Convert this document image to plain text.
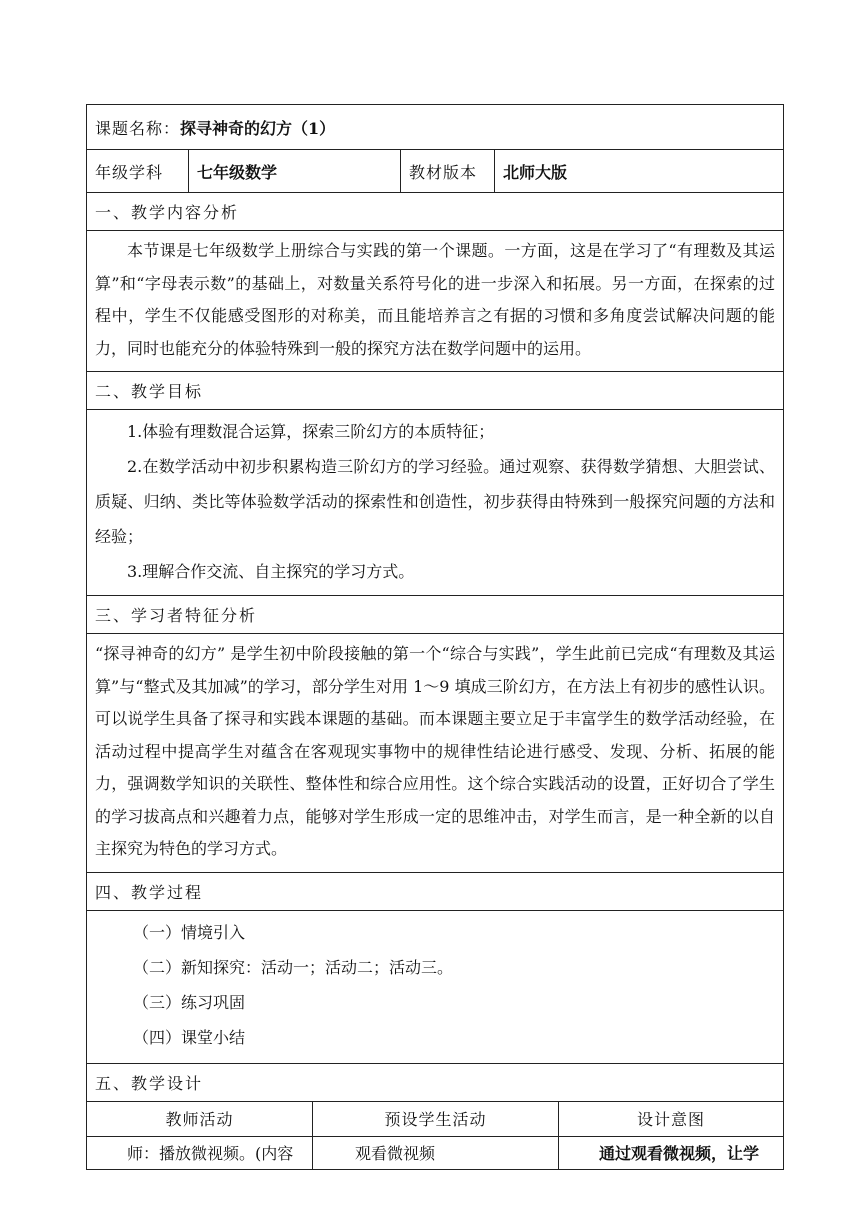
课题名称： 探寻神奇的幻方（1）
年级学科	七年级数学	教材版本	北师大版
一、教学内容分析
本节课是七年级数学上册综合与实践的第一个课题。一方面，这是在学习了“有理数及其运算”和“字母表示数”的基础上，对数量关系符号化的进一步深入和拓展。另一方面，在探索的过程中，学生不仅能感受图形的对称美，而且能培养言之有据的习惯和多角度尝试解决问题的能力，同时也能充分的体验特殊到一般的探究方法在数学问题中的运用。
二、教学目标
1.体验有理数混合运算，探索三阶幻方的本质特征；
2.在数学活动中初步积累构造三阶幻方的学习经验。通过观察、获得数学猜想、大胆尝试、质疑、归纳、类比等体验数学活动的探索性和创造性，初步获得由特殊到一般探究问题的方法和经验；
3.理解合作交流、自主探究的学习方式。
三、学习者特征分析
“探寻神奇的幻方” 是学生初中阶段接触的第一个“综合与实践”，学生此前已完成“有理数及其运算”与“整式及其加减”的学习，部分学生对用 1～9 填成三阶幻方，在方法上有初步的感性认识。可以说学生具备了探寻和实践本课题的基础。而本课题主要立足于丰富学生的数学活动经验，在活动过程中提高学生对蕴含在客观现实事物中的规律性结论进行感受、发现、分析、拓展的能力，强调数学知识的关联性、整体性和综合应用性。这个综合实践活动的设置，正好切合了学生的学习拔高点和兴趣着力点，能够对学生形成一定的思维冲击，对学生而言，是一种全新的以自主探究为特色的学习方式。
四、教学过程
（一）情境引入
（二）新知探究：活动一；活动二；活动三。
（三）练习巩固
（四）课堂小结
五、教学设计
教师活动	预设学生活动	设计意图
师：播放微视频。(内容	观看微视频	通过观看微视频，让学
